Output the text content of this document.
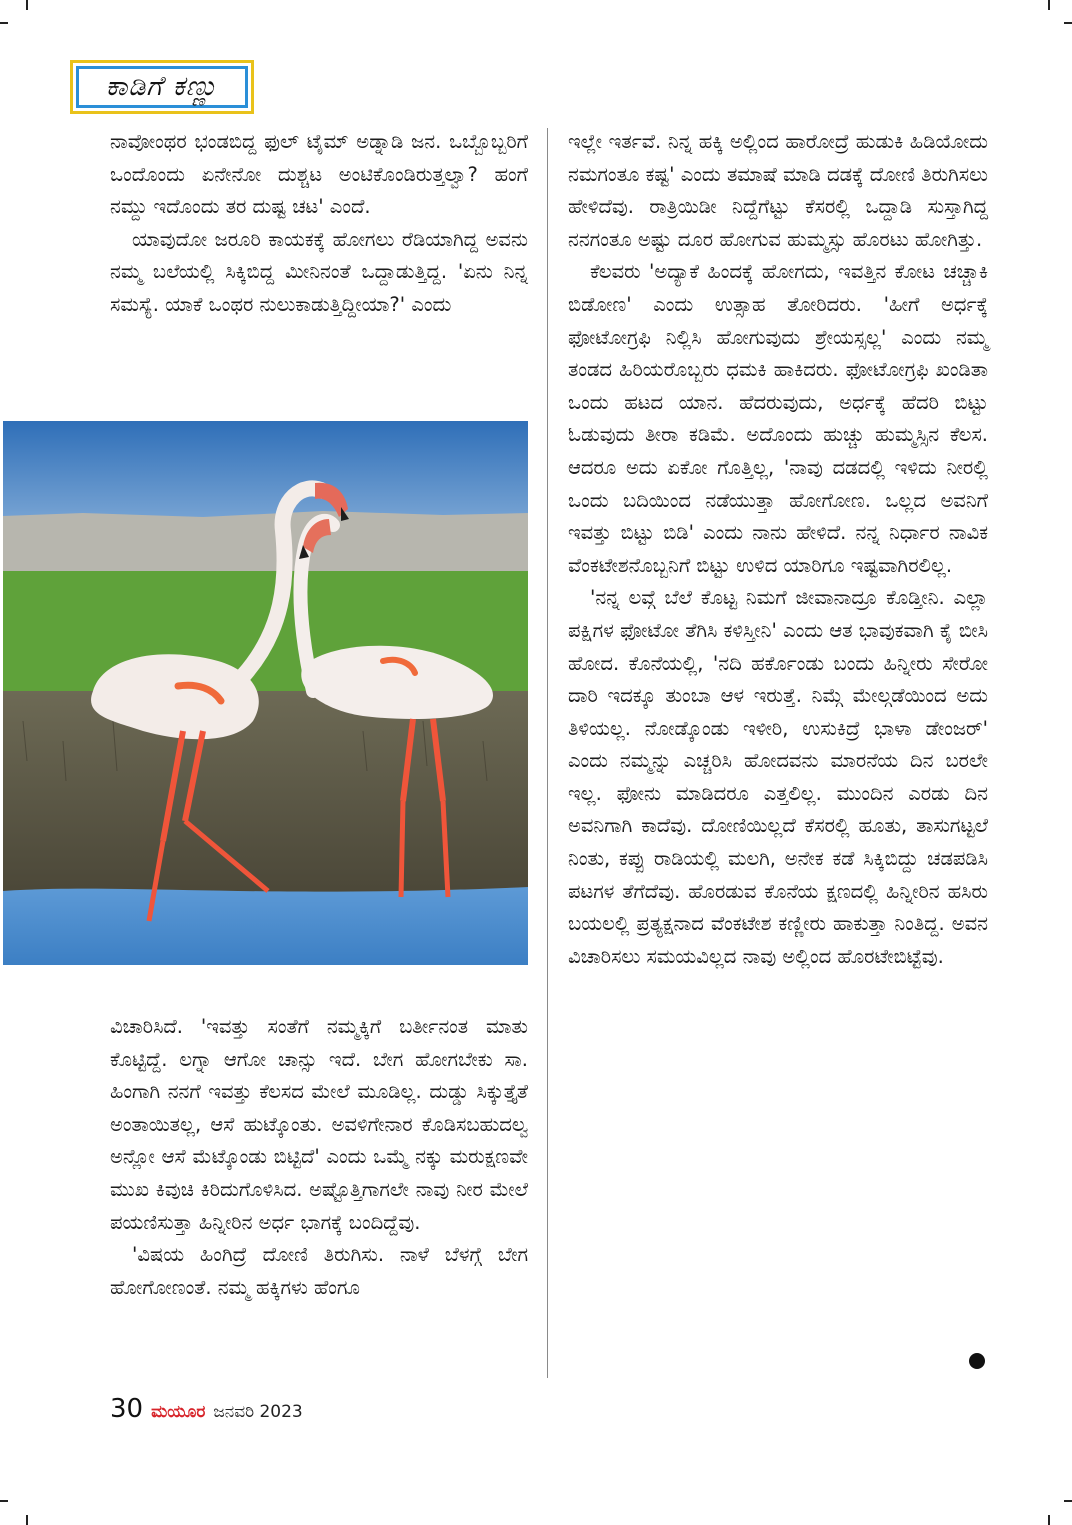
ಕಾಡಿಗೆ ಕಣ್ಣು

ನಾವೋಂಥರ ಭಂಡಬಿದ್ದ ಫುಲ್ ಟೈಮ್ ಅಡ್ನಾಡಿ ಜನ. ಒಬ್ಬೊಬ್ಬರಿಗೆ ಒಂದೊಂದು ಏನೇನೋ ದುಶ್ಚಟ ಅಂಟಿಕೊಂಡಿರುತ್ತಲ್ವಾ? ಹಂಗೆ ನಮ್ದು ಇದೊಂದು ತರ ದುಷ್ಟ ಚಟ' ಎಂದೆ.

ಯಾವುದೋ ಜರೂರಿ ಕಾಯಕಕ್ಕೆ ಹೋಗಲು ರೆಡಿಯಾಗಿದ್ದ ಅವನು ನಮ್ಮ ಬಲೆಯಲ್ಲಿ ಸಿಕ್ಕಿಬಿದ್ದ ಮೀನಿನಂತೆ ಒದ್ದಾಡುತ್ತಿದ್ದ. 'ಏನು ನಿನ್ನ ಸಮಸ್ಯೆ. ಯಾಕೆ ಒಂಥರ ನುಲುಕಾಡುತ್ತಿದ್ದೀಯಾ?' ಎಂದು

ವಿಚಾರಿಸಿದೆ. 'ಇವತ್ತು ಸಂತೆಗೆ ನಮ್ಮಕ್ಕಿಗೆ ಬರ್ತೀನಂತ ಮಾತು ಕೊಟ್ಟಿದ್ದೆ. ಲಗ್ನಾ ಆಗೋ ಚಾನ್ಸು ಇದೆ. ಬೇಗ ಹೋಗಬೇಕು ಸಾ. ಹಿಂಗಾಗಿ ನನಗೆ ಇವತ್ತು ಕೆಲಸದ ಮೇಲೆ ಮೂಡಿಲ್ಲ. ದುಡ್ಡು ಸಿಕ್ಕುತ್ತೈತೆ ಅಂತಾಯಿತಲ್ಲ, ಆಸೆ ಹುಟ್ಕೊಂತು. ಅವಳಿಗೇನಾರ ಕೊಡಿಸಬಹುದಲ್ವ ಅನ್ಲೋ ಆಸೆ ಮೆಟ್ಕೊಂಡು ಬಿಟ್ಟಿದೆ' ಎಂದು ಒಮ್ಮೆ ನಕ್ಕು ಮರುಕ್ಷಣವೇ ಮುಖ ಕಿವುಚಿ ಕಿರಿದುಗೊಳಿಸಿದ. ಅಷ್ಟೊತ್ತಿಗಾಗಲೇ ನಾವು ನೀರ ಮೇಲೆ ಪಯಣಿಸುತ್ತಾ ಹಿನ್ನೀರಿನ ಅರ್ಧ ಭಾಗಕ್ಕೆ ಬಂದಿದ್ದೆವು.

'ವಿಷಯ ಹಿಂಗಿದ್ರೆ ದೋಣಿ ತಿರುಗಿಸು. ನಾಳೆ ಬೆಳಗ್ಗೆ ಬೇಗ ಹೋಗೋಣಂತೆ. ನಮ್ಮ ಹಕ್ಕಿಗಳು ಹೆಂಗೂ

ಇಲ್ಲೇ ಇರ್ತವೆ. ನಿನ್ನ ಹಕ್ಕಿ ಅಲ್ಲಿಂದ ಹಾರೋದ್ರೆ ಹುಡುಕಿ ಹಿಡಿಯೋದು ನಮಗಂತೂ ಕಷ್ಟ' ಎಂದು ತಮಾಷೆ ಮಾಡಿ ದಡಕ್ಕೆ ದೋಣಿ ತಿರುಗಿಸಲು ಹೇಳಿದೆವು. ರಾತ್ರಿಯಿಡೀ ನಿದ್ದೆಗೆಟ್ಟು ಕೆಸರಲ್ಲಿ ಒದ್ದಾಡಿ ಸುಸ್ತಾಗಿದ್ದ ನನಗಂತೂ ಅಷ್ಟು ದೂರ ಹೋಗುವ ಹುಮ್ಮಸ್ಸು ಹೊರಟು ಹೋಗಿತ್ತು.

ಕೆಲವರು 'ಅದ್ಯಾಕೆ ಹಿಂದಕ್ಕೆ ಹೋಗದು, ಇವತ್ತಿನ ಕೋಟ ಚಚ್ಚಾಕಿ ಬಿಡೋಣ' ಎಂದು ಉತ್ಸಾಹ ತೋರಿದರು. 'ಹೀಗೆ ಅರ್ಧಕ್ಕೆ ಫೋಟೋಗ್ರಫಿ ನಿಲ್ಲಿಸಿ ಹೋಗುವುದು ಶ್ರೇಯಸ್ಸಲ್ಲ' ಎಂದು ನಮ್ಮ ತಂಡದ ಹಿರಿಯರೊಬ್ಬರು ಧಮಕಿ ಹಾಕಿದರು. ಫೋಟೋಗ್ರಫಿ ಖಂಡಿತಾ ಒಂದು ಹಟದ ಯಾನ. ಹೆದರುವುದು, ಅರ್ಧಕ್ಕೆ ಹೆದರಿ ಬಿಟ್ಟು ಓಡುವುದು ತೀರಾ ಕಡಿಮೆ. ಅದೊಂದು ಹುಚ್ಚು ಹುಮ್ಮಸ್ಸಿನ ಕೆಲಸ. ಆದರೂ ಅದು ಏಕೋ ಗೊತ್ತಿಲ್ಲ, 'ನಾವು ದಡದಲ್ಲಿ ಇಳಿದು ನೀರಲ್ಲಿ ಒಂದು ಬದಿಯಿಂದ ನಡೆಯುತ್ತಾ ಹೋಗೋಣ. ಒಲ್ಲದ ಅವನಿಗೆ ಇವತ್ತು ಬಿಟ್ಟು ಬಿಡಿ' ಎಂದು ನಾನು ಹೇಳಿದೆ. ನನ್ನ ನಿರ್ಧಾರ ನಾವಿಕ ವೆಂಕಟೇಶನೊಬ್ಬನಿಗೆ ಬಿಟ್ಟು ಉಳಿದ ಯಾರಿಗೂ ಇಷ್ಟವಾಗಿರಲಿಲ್ಲ.

'ನನ್ನ ಲವ್ಗೆ ಬೆಲೆ ಕೊಟ್ಟ ನಿಮಗೆ ಜೀವಾನಾದ್ರೂ ಕೊಡ್ತೀನಿ. ಎಲ್ಲಾ ಪಕ್ಷಿಗಳ ಫೋಟೋ ತೆಗಿಸಿ ಕಳಿಸ್ತೀನಿ' ಎಂದು ಆತ ಭಾವುಕವಾಗಿ ಕೈ ಬೀಸಿ ಹೋದ. ಕೊನೆಯಲ್ಲಿ, 'ನದಿ ಹರ್ಕೊಂಡು ಬಂದು ಹಿನ್ನೀರು ಸೇರೋ ದಾರಿ ಇದಕ್ಕೂ ತುಂಬಾ ಆಳ ಇರುತ್ತೆ. ನಿಮ್ಗೆ ಮೇಲ್ಗಡೆಯಿಂದ ಅದು ತಿಳಿಯಲ್ಲ. ನೋಡ್ಕೊಂಡು ಇಳೀರಿ, ಉಸುಕಿದ್ರೆ ಭಾಳಾ ಡೇಂಜರ್' ಎಂದು ನಮ್ಮನ್ನು ಎಚ್ಚರಿಸಿ ಹೋದವನು ಮಾರನೆಯ ದಿನ ಬರಲೇ ಇಲ್ಲ. ಫೋನು ಮಾಡಿದರೂ ಎತ್ತಲಿಲ್ಲ. ಮುಂದಿನ ಎರಡು ದಿನ ಅವನಿಗಾಗಿ ಕಾದೆವು. ದೋಣಿಯಿಲ್ಲದೆ ಕೆಸರಲ್ಲಿ ಹೂತು, ತಾಸುಗಟ್ಟಲೆ ನಿಂತು, ಕಪ್ಪು ರಾಡಿಯಲ್ಲಿ ಮಲಗಿ, ಅನೇಕ ಕಡೆ ಸಿಕ್ಕಿಬಿದ್ದು ಚಡಪಡಿಸಿ ಪಟಗಳ ತೆಗೆದೆವು. ಹೊರಡುವ ಕೊನೆಯ ಕ್ಷಣದಲ್ಲಿ ಹಿನ್ನೀರಿನ ಹಸಿರು ಬಯಲಲ್ಲಿ ಪ್ರತ್ಯಕ್ಷನಾದ ವೆಂಕಟೇಶ ಕಣ್ಣೀರು ಹಾಕುತ್ತಾ ನಿಂತಿದ್ದ. ಅವನ ವಿಚಾರಿಸಲು ಸಮಯವಿಲ್ಲದ ನಾವು ಅಲ್ಲಿಂದ ಹೊರಟೇಬಿಟ್ಟೆವು.

30 ಮಯೂರ ಜನವರಿ 2023
